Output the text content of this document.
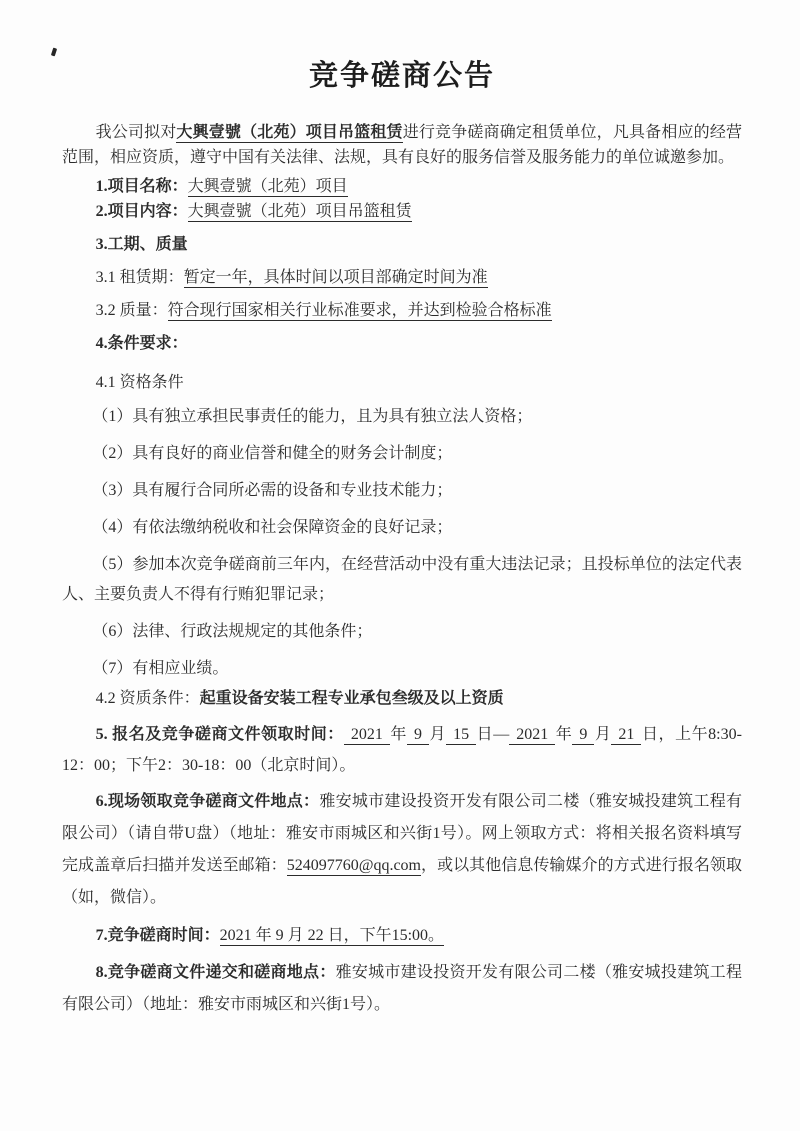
竞争磋商公告

我公司拟对大興壹號（北苑）项目吊篮租赁进行竞争磋商确定租赁单位，凡具备相应的经营范围，相应资质，遵守中国有关法律、法规，具有良好的服务信誉及服务能力的单位诚邀参加。

1.项目名称：大興壹號（北苑）项目

2.项目内容：大興壹號（北苑）项目吊篮租赁

3.工期、质量

3.1 租赁期：暂定一年，具体时间以项目部确定时间为准

3.2 质量：符合现行国家相关行业标准要求，并达到检验合格标准

4.条件要求：

4.1 资格条件

（1）具有独立承担民事责任的能力，且为具有独立法人资格；

（2）具有良好的商业信誉和健全的财务会计制度；

（3）具有履行合同所必需的设备和专业技术能力；

（4）有依法缴纳税收和社会保障资金的良好记录；

（5）参加本次竞争磋商前三年内，在经营活动中没有重大违法记录；且投标单位的法定代表人、主要负责人不得有行贿犯罪记录；

（6）法律、行政法规规定的其他条件；

（7）有相应业绩。

4.2 资质条件：起重设备安装工程专业承包叁级及以上资质

5. 报名及竞争磋商文件领取时间： 2021 年 9 月 15 日— 2021 年 9 月 21 日，上午8:30-12：00；下午2：30-18：00（北京时间）。

6.现场领取竞争磋商文件地点：雅安城市建设投资开发有限公司二楼（雅安城投建筑工程有限公司）（请自带U盘）（地址：雅安市雨城区和兴街1号）。网上领取方式：将相关报名资料填写完成盖章后扫描并发送至邮箱：524097760@qq.com，或以其他信息传输媒介的方式进行报名领取（如，微信）。

7.竞争磋商时间：2021 年 9 月 22 日，下午15:00。

8.竞争磋商文件递交和磋商地点：雅安城市建设投资开发有限公司二楼（雅安城投建筑工程有限公司）（地址：雅安市雨城区和兴街1号）。
